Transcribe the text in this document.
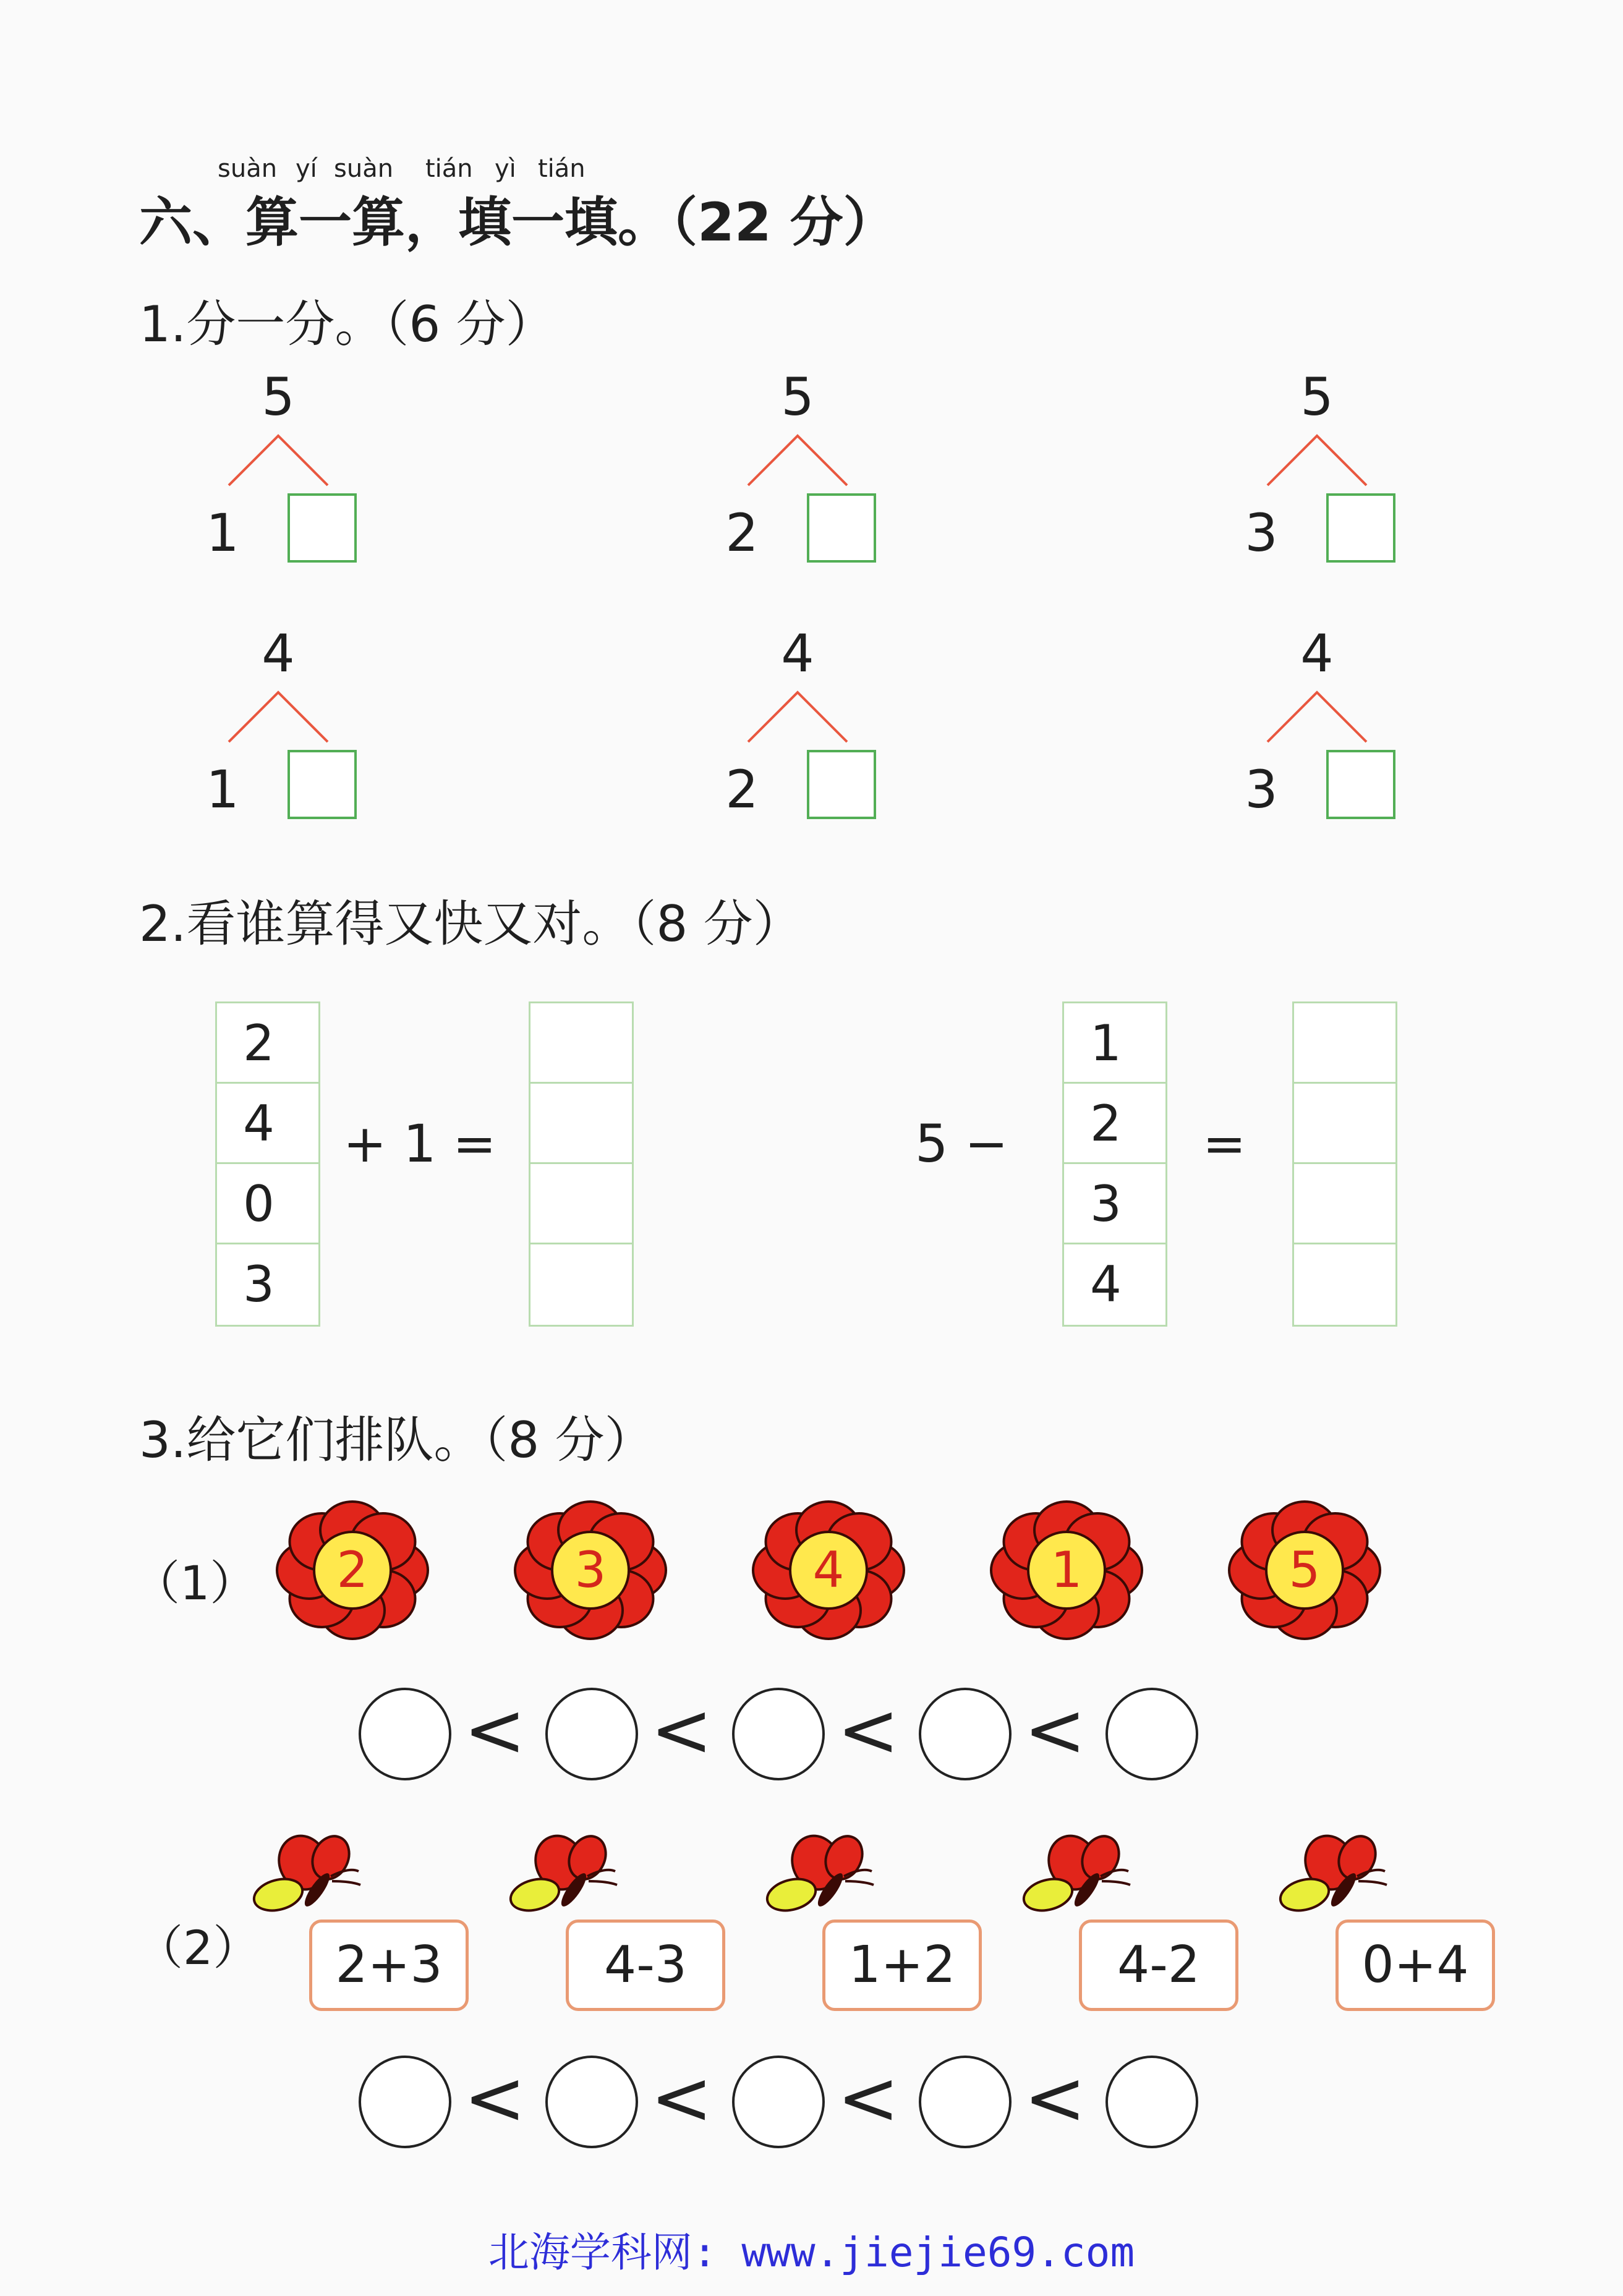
suàn yí suàn tián yì tián
六、算一算，填一填。（22 分）
1.分一分。（6 分）
5
1
5
2
5
3
4
1
4
2
4
3
2.看谁算得又快又对。（8 分）
2
4
0
3
+ 1 =	5 −
1
2
3
4
=
3.给它们排队。（8 分）
（1）	2	3	4	1	5
< < < <
（2）	2+3	4-3	1+2	4-2	0+4
< < < <
北海学科网: www.jiejie69.com
